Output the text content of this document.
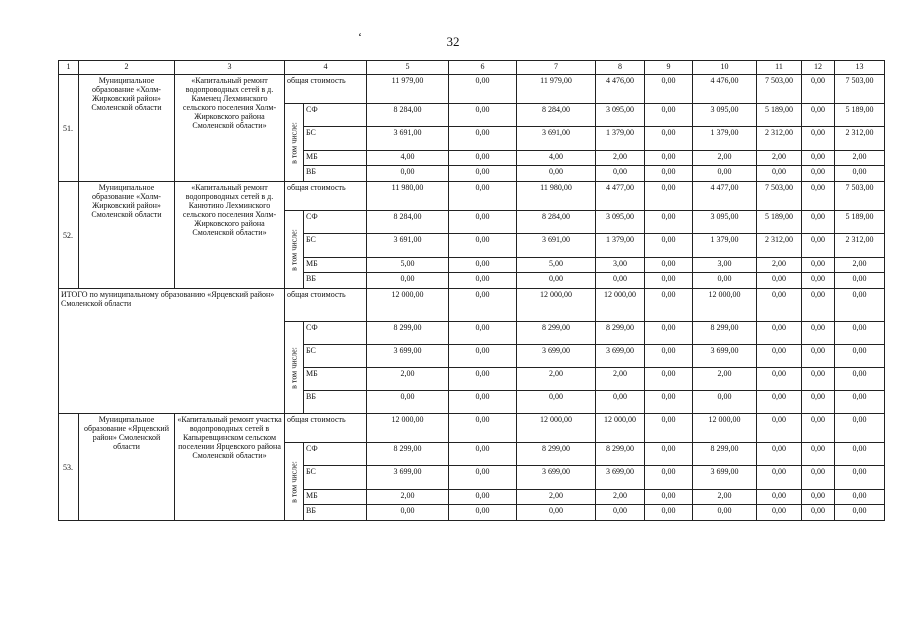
‘	32
1	2	3	4		5	6	7	8	9	10	11	12	13
51.	Муниципальное образование «Холм-Жирковский район» Смоленской области	«Капитальный ремонт водопроводных сетей в д. Каменец Лехминского сельского поселения Холм-Жирковского района Смоленской области»	общая стоимость		11 979,00	0,00	11 979,00	4 476,00	0,00	4 476,00	7 503,00	0,00	7 503,00

			в том числе:	СФ	8 284,00	0,00	8 284,00	3 095,00	0,00	3 095,00	5 189,00	0,00	5 189,00
				БС	3 691,00	0,00	3 691,00	1 379,00	0,00	1 379,00	2 312,00	0,00	2 312,00
				МБ	4,00	0,00	4,00	2,00	0,00	2,00	2,00	0,00	2,00
				ВБ	0,00	0,00	0,00	0,00	0,00	0,00	0,00	0,00	0,00
52.	Муниципальное образование «Холм-Жирковский район» Смоленской области	«Капитальный ремонт водопроводных сетей в д. Канютино Лехминского сельского поселения Холм-Жирковского района Смоленской области»	общая стоимость		11 980,00	0,00	11 980,00	4 477,00	0,00	4 477,00	7 503,00	0,00	7 503,00

			в том числе:	СФ	8 284,00	0,00	8 284,00	3 095,00	0,00	3 095,00	5 189,00	0,00	5 189,00
				БС	3 691,00	0,00	3 691,00	1 379,00	0,00	1 379,00	2 312,00	0,00	2 312,00
				МБ	5,00	0,00	5,00	3,00	0,00	3,00	2,00	0,00	2,00
				ВБ	0,00	0,00	0,00	0,00	0,00	0,00	0,00	0,00	0,00
ИТОГО по муниципальному образованию «Ярцевский район» Смоленской области			общая стоимость		12 000,00	0,00	12 000,00	12 000,00	0,00	12 000,00	0,00	0,00	0,00

			в том числе:	СФ	8 299,00	0,00	8 299,00	8 299,00	0,00	8 299,00	0,00	0,00	0,00
				БС	3 699,00	0,00	3 699,00	3 699,00	0,00	3 699,00	0,00	0,00	0,00
				МБ	2,00	0,00	2,00	2,00	0,00	2,00	0,00	0,00	0,00
				ВБ	0,00	0,00	0,00	0,00	0,00	0,00	0,00	0,00	0,00
53.	Муниципальное образование «Ярцевский район» Смоленской области	«Капитальный ремонт участка водопроводных сетей в Капыревщинском сельском поселении Ярцевского района Смоленской области»	общая стоимость		12 000,00	0,00	12 000,00	12 000,00	0,00	12 000,00	0,00	0,00	0,00

			в том числе:	СФ	8 299,00	0,00	8 299,00	8 299,00	0,00	8 299,00	0,00	0,00	0,00
				БС	3 699,00	0,00	3 699,00	3 699,00	0,00	3 699,00	0,00	0,00	0,00
				МБ	2,00	0,00	2,00	2,00	0,00	2,00	0,00	0,00	0,00
				ВБ	0,00	0,00	0,00	0,00	0,00	0,00	0,00	0,00	0,00
